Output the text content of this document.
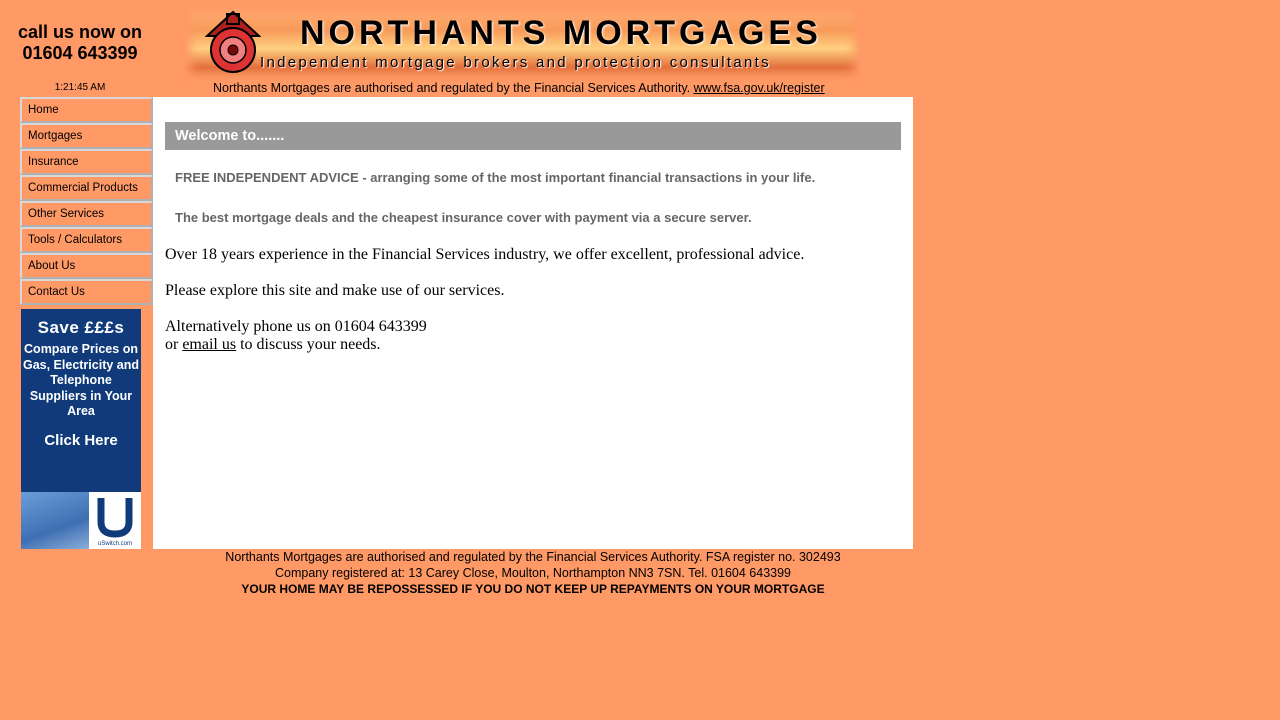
call us now on
01604 643399
1:21:45 AM
NORTHANTS MORTGAGES
Independent mortgage brokers and protection consultants
Northants Mortgages are authorised and regulated by the Financial Services Authority. www.fsa.gov.uk/register
Home
Mortgages
Insurance
Commercial Products
Other Services
Tools / Calculators
About Us
Contact Us
Save £££s
Compare Prices on Gas, Electricity and Telephone Suppliers in Your Area
Click Here
uSwitch.com
Welcome to.......
FREE INDEPENDENT ADVICE - arranging some of the most important financial transactions in your life.
The best mortgage deals and the cheapest insurance cover with payment via a secure server.
Over 18 years experience in the Financial Services industry, we offer excellent, professional advice.
Please explore this site and make use of our services.
Alternatively phone us on 01604 643399
or email us to discuss your needs.
Northants Mortgages are authorised and regulated by the Financial Services Authority. FSA register no. 302493
Company registered at: 13 Carey Close, Moulton, Northampton NN3 7SN. Tel. 01604 643399
YOUR HOME MAY BE REPOSSESSED IF YOU DO NOT KEEP UP REPAYMENTS ON YOUR MORTGAGE
